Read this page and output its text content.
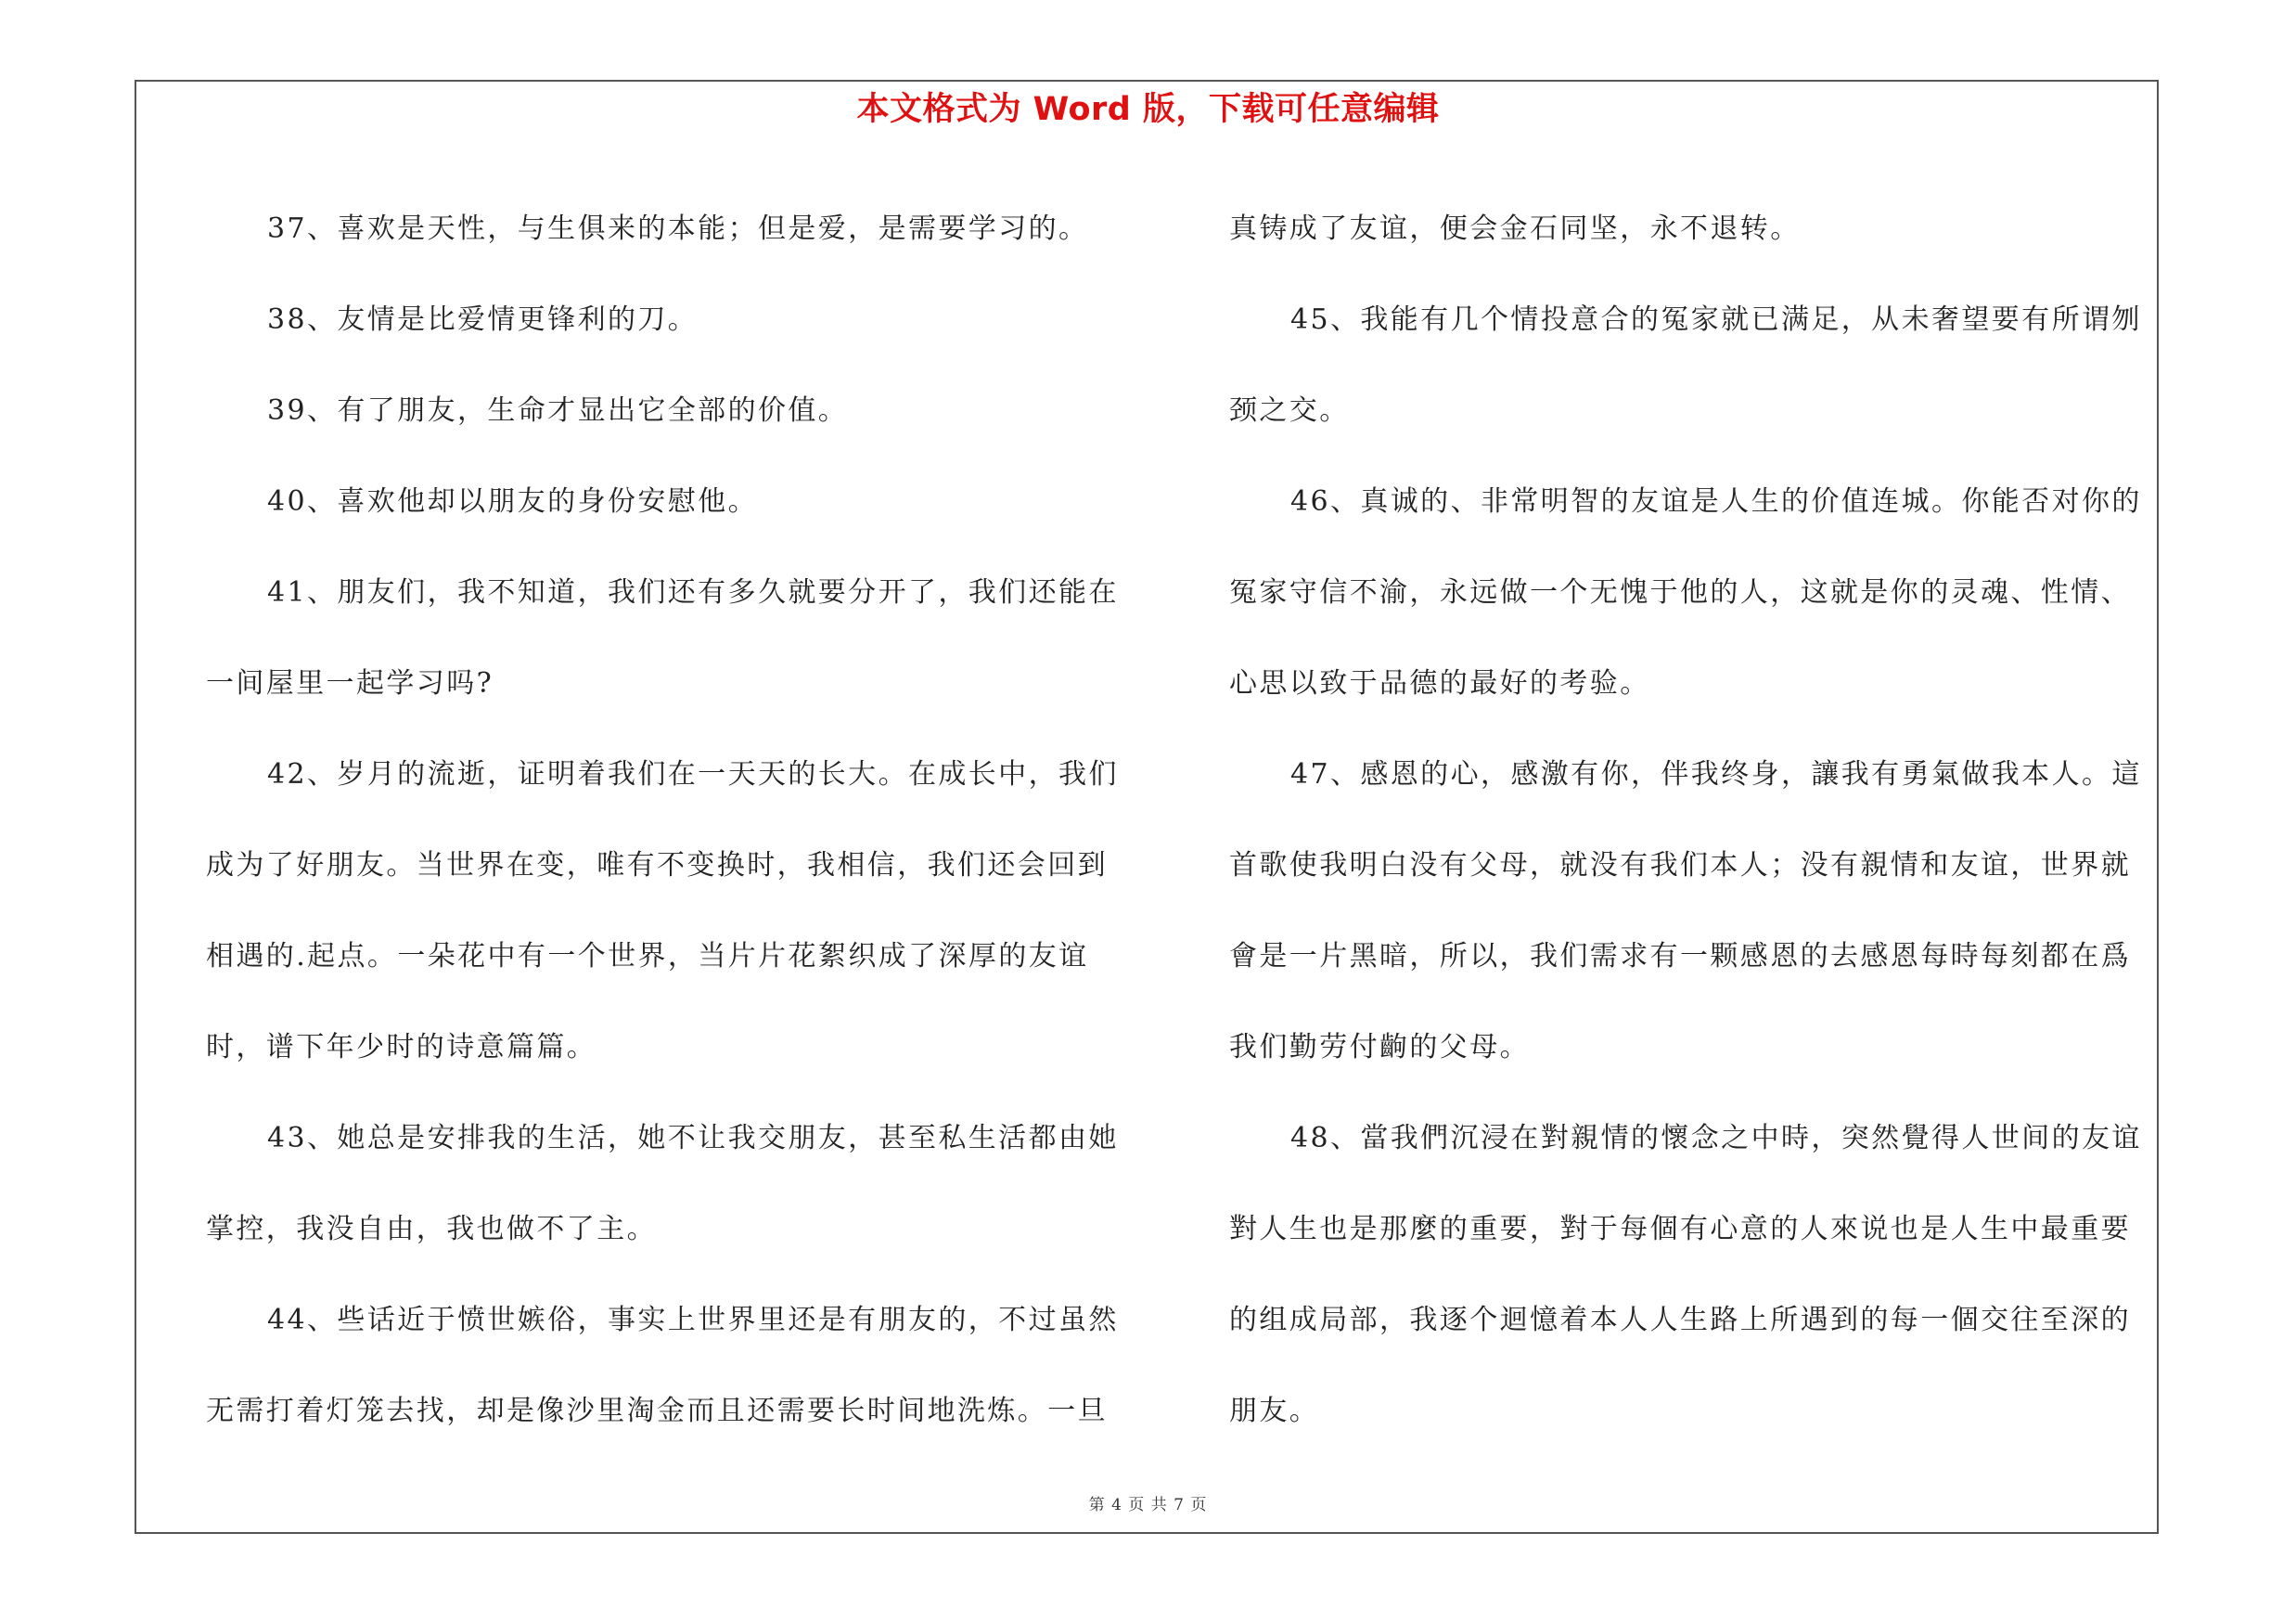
本文格式为 Word 版，下载可任意编辑

37、喜欢是天性，与生俱来的本能；但是爱，是需要学习的。

38、友情是比爱情更锋利的刀。

39、有了朋友，生命才显出它全部的价值。

40、喜欢他却以朋友的身份安慰他。

41、朋友们，我不知道，我们还有多久就要分开了，我们还能在

一间屋里一起学习吗?

42、岁月的流逝，证明着我们在一天天的长大。在成长中，我们

成为了好朋友。当世界在变，唯有不变换时，我相信，我们还会回到

相遇的.起点。一朵花中有一个世界，当片片花絮织成了深厚的友谊

时，谱下年少时的诗意篇篇。

43、她总是安排我的生活，她不让我交朋友，甚至私生活都由她

掌控，我没自由，我也做不了主。

44、些话近于愤世嫉俗，事实上世界里还是有朋友的，不过虽然

无需打着灯笼去找，却是像沙里淘金而且还需要长时间地洗炼。一旦

真铸成了友谊，便会金石同坚，永不退转。

45、我能有几个情投意合的冤家就已满足，从未奢望要有所谓刎

颈之交。

46、真诚的、非常明智的友谊是人生的价值连城。你能否对你的

冤家守信不渝，永远做一个无愧于他的人，这就是你的灵魂、性情、

心思以致于品德的最好的考验。

47、感恩的心，感激有你，伴我终身，讓我有勇氣做我本人。這

首歌使我明白没有父母，就没有我们本人；没有親情和友谊，世界就

會是一片黑暗，所以，我们需求有一颗感恩的去感恩每時每刻都在爲

我们勤劳付齣的父母。

48、當我們沉浸在對親情的懷念之中時，突然覺得人世间的友谊

對人生也是那麼的重要，對于每個有心意的人來说也是人生中最重要

的组成局部，我逐个迴憶着本人人生路上所遇到的每一個交往至深的

朋友。

第 4 页 共 7 页
